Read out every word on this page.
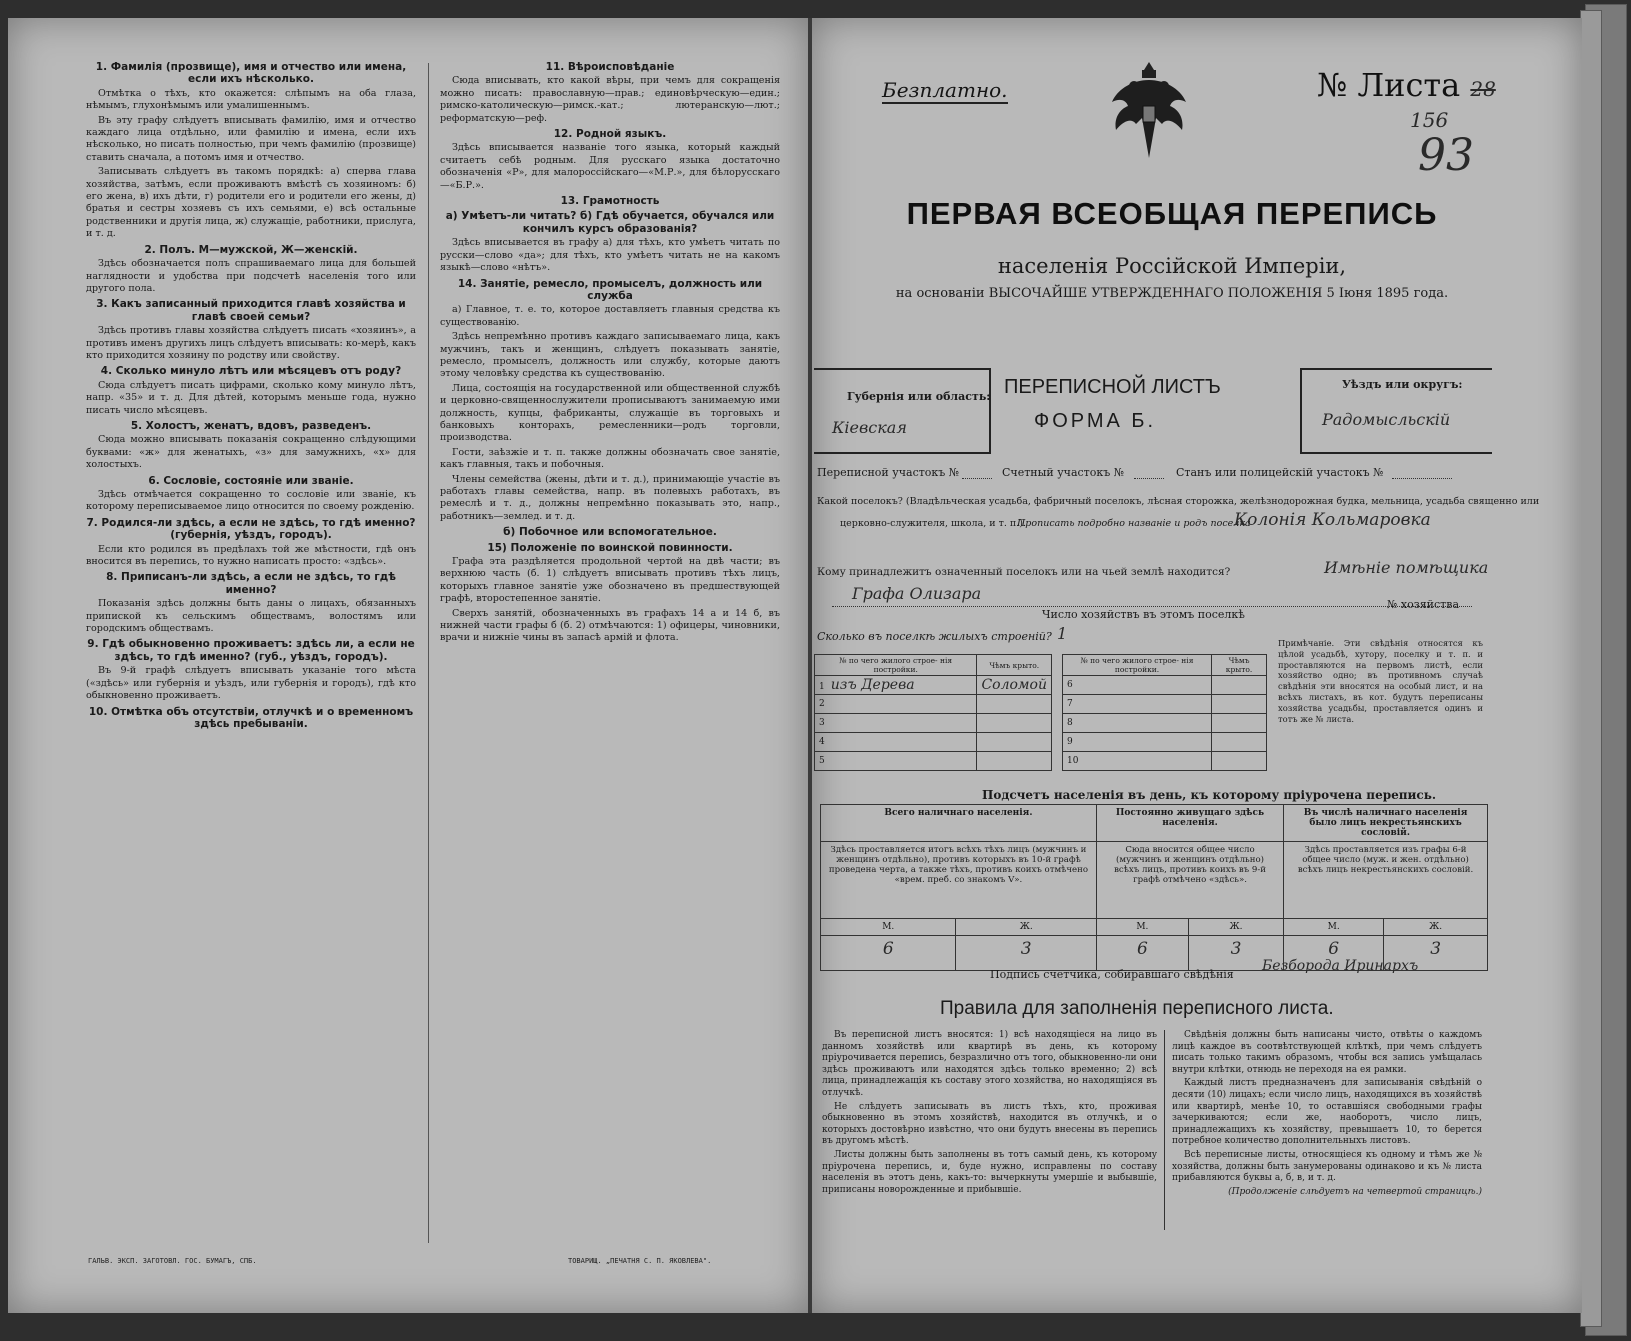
1. Фамилія (прозвище), имя и отчество или имена, если ихъ нѣсколько.

Отмѣтка о тѣхъ, кто окажется: слѣпымъ на оба глаза, нѣмымъ, глухонѣмымъ или умалишеннымъ.

Въ эту графу слѣдуетъ вписывать фамилію, имя и отчество каждаго лица отдѣльно, или фамилію и имена, если ихъ нѣсколько, но писать полностью, при чемъ фамилію (прозвище) ставить сначала, а потомъ имя и отчество.

Записывать слѣдуетъ въ такомъ порядкѣ: а) сперва глава хозяйства, затѣмъ, если проживаютъ вмѣстѣ съ хозяиномъ: б) его жена, в) ихъ дѣти, г) родители его и родители его жены, д) братья и сестры хозяевъ съ ихъ семьями, е) всѣ остальные родственники и другія лица, ж) служащіе, работники, прислуга, и т. д.

2. Полъ. М—мужской, Ж—женскій.

Здѣсь обозначается полъ спрашиваемаго лица для большей наглядности и удобства при подсчетѣ населенія того или другого пола.

3. Какъ записанный приходится главѣ хозяйства и главѣ своей семьи?

Здѣсь противъ главы хозяйства слѣдуетъ писать «хозяинъ», а противъ именъ другихъ лицъ слѣдуетъ вписывать: ко-мерѣ, какъ кто приходится хозяину по родству или свойству.

4. Сколько минуло лѣтъ или мѣсяцевъ отъ роду?

Сюда слѣдуетъ писать цифрами, сколько кому минуло лѣтъ, напр. «35» и т. д. Для дѣтей, которымъ меньше года, нужно писать число мѣсяцевъ.

5. Холостъ, женатъ, вдовъ, разведенъ.

Сюда можно вписывать показанія сокращенно слѣдующими буквами: «ж» для женатыхъ, «з» для замужнихъ, «х» для холостыхъ.

6. Сословіе, состояніе или званіе.

Здѣсь отмѣчается сокращенно то сословіе или званіе, къ которому переписываемое лицо относится по своему рожденію.

7. Родился-ли здѣсь, а если не здѣсь, то гдѣ именно? (губернія, уѣздъ, городъ).

Если кто родился въ предѣлахъ той же мѣстности, гдѣ онъ вносится въ перепись, то нужно написать просто: «здѣсь».

8. Приписанъ-ли здѣсь, а если не здѣсь, то гдѣ именно?

Показанія здѣсь должны быть даны о лицахъ, обязанныхъ припиской къ сельскимъ обществамъ, волостямъ или городскимъ обществамъ.

9. Гдѣ обыкновенно проживаетъ: здѣсь ли, а если не здѣсь, то гдѣ именно? (губ., уѣздъ, городъ).

Въ 9-й графѣ слѣдуетъ вписывать указаніе того мѣста («здѣсь» или губернія и уѣздъ, или губернія и городъ), гдѣ кто обыкновенно проживаетъ.

10. Отмѣтка объ отсутствіи, отлучкѣ и о временномъ здѣсь пребываніи.
11. Вѣроисповѣданіе

Сюда вписывать, кто какой вѣры, при чемъ для сокращенія можно писать: православную—прав.; единовѣрческую—един.; римско-католическую—римск.-кат.; лютеранскую—лют.; реформатскую—реф.

12. Родной языкъ.

Здѣсь вписывается названіе того языка, который каждый считаетъ себѣ родным. Для русскаго языка достаточно обозначенія «Р», для малороссійскаго—«М.Р.», для бѣлорусскаго—«Б.Р.».

13. Грамотность
а) Умѣетъ-ли читать? б) Гдѣ обучается, обучался или кончилъ курсъ образованія?

Здѣсь вписывается въ графу а) для тѣхъ, кто умѣетъ читать по русски—слово «да»; для тѣхъ, кто умѣетъ читать не на какомъ языкѣ—слово «нѣтъ».

14. Занятіе, ремесло, промыселъ, должность или служба

а) Главное, т. е. то, которое доставляетъ главныя средства къ существованію.

Здѣсь непремѣнно противъ каждаго записываемаго лица, какъ мужчинъ, такъ и женщинъ, слѣдуетъ показывать занятіе, ремесло, промыселъ, должность или службу, которые даютъ этому человѣку средства къ существованію.

Лица, состоящія на государственной или общественной службѣ и церковно-священнослужители прописываютъ занимаемую ими должность, купцы, фабриканты, служащіе въ торговыхъ и банковыхъ конторахъ, ремесленники—родъ торговли, производства.

Гости, заѣзжіе и т. п. также должны обозначать свое занятіе, какъ главныя, такъ и побочныя.

Члены семейства (жены, дѣти и т. д.), принимающіе участіе въ работахъ главы семейства, напр. въ полевыхъ работахъ, въ ремеслѣ и т. д., должны непремѣнно показывать это, напр., работникъ—землед. и т. д.

б) Побочное или вспомогательное.
15) Положеніе по воинской повинности.

Графа эта раздѣляется продольной чертой на двѣ части; въ верхнюю часть (б. 1) слѣдуетъ вписывать противъ тѣхъ лицъ, которыхъ главное занятіе уже обозначено въ предшествующей графѣ, второстепенное занятіе.

Сверхъ занятій, обозначенныхъ въ графахъ 14 а и 14 б, въ нижней части графы б (б. 2) отмѣчаются: 1) офицеры, чиновники, врачи и нижніе чины въ запасѣ армій и флота.

ГАЛЬВ. ЭКСП. ЗАГОТОВЛ. ГОС. БУМАГЪ, СПБ.	ТОВАРИЩ. „ПЕЧАТНЯ С. П. ЯКОВЛЕВА".
Безплатно.	№ Листа 28
156
93
ПЕРВАЯ ВСЕОБЩАЯ ПЕРЕПИСЬ
населенія Россійской Имперіи,
на основаніи ВЫСОЧАЙШЕ УТВЕРЖДЕННАГО ПОЛОЖЕНІЯ 5 Іюня 1895 года.
Губернія или область:
Кіевская
ПЕРЕПИСНОЙ ЛИСТЪ
ФОРМА Б.
Уѣздъ или округъ:
Радомысльскій
Переписной участокъ №	Счетный участокъ №	Станъ или полицейскій участокъ №
Какой поселокъ? (Владѣльческая усадьба, фабричный поселокъ, лѣсная сторожка, желѣзнодорожная будка, мельница, усадьба священно или
церковно-служителя, школа, и т. п.).
Прописать подробно названіе и родъ поселка
Колонія Кольмаровка
Кому принадлежитъ означенный поселокъ или на чьей землѣ находится?	Имѣніе помѣщика
Графа Олизара
Число хозяйствъ въ этомъ поселкѣ
№ хозяйства
Сколько въ поселкѣ жилыхъ строеній? 1
№ по чего жилого строе- нія постройки.	Чѣмъ крыто.
1 изъ Дерева	Соломой
2	
3	
4	
5	
№ по чего жилого строе- нія постройки.	Чѣмъ крыто.
6	
7	
8	
9	
10	
Примѣчаніе. Эти свѣдѣнія относятся къ цѣлой усадьбѣ, хутору, поселку и т. п. и проставляются на первомъ листѣ, если хозяйство одно; въ противномъ случаѣ свѣдѣнія эти вносятся на особый лист, и на всѣхъ листахъ, въ кот. будутъ переписаны хозяйства усадьбы, проставляется одинъ и тотъ же № листа.
Подсчетъ населенія въ день, къ которому пріурочена перепись.
Всего наличнаго населенія.		Постоянно живущаго здѣсь населенія.		Въ числѣ наличнаго населенія было лицъ некрестьянскихъ сословій.	
Здѣсь проставляется итогъ всѣхъ тѣхъ лицъ (мужчинъ и женщинъ отдѣльно), противъ которыхъ въ 10-й графѣ проведена черта, а также тѣхъ, противъ коихъ отмѣчено «врем. преб. со знакомъ V».		Сюда вносится общее число (мужчинъ и женщинъ отдѣльно) всѣхъ лицъ, противъ коихъ въ 9-й графѣ отмѣчено «здѣсь».		Здѣсь проставляется изъ графы 6-й общее число (муж. и жен. отдѣльно) всѣхъ лицъ некрестьянскихъ сословій.	
М.	Ж.	М.	Ж.	М.	Ж.
6	3	6	3	6	3
Подпись счетчика, собиравшаго свѣдѣнія
Безборода Иринархъ
Правила для заполненія переписного листа.

Въ переписной листъ вносятся: 1) всѣ находящіеся на лицо въ данномъ хозяйствѣ или квартирѣ въ день, къ которому пріурочивается перепись, безразлично отъ того, обыкновенно-ли они здѣсь проживаютъ или находятся здѣсь только временно; 2) всѣ лица, принадлежащія къ составу этого хозяйства, но находящіяся въ отлучкѣ.

Не слѣдуетъ записывать въ листъ тѣхъ, кто, проживая обыкновенно въ этомъ хозяйствѣ, находится въ отлучкѣ, и о которыхъ достовѣрно извѣстно, что они будутъ внесены въ перепись въ другомъ мѣстѣ.

Листы должны быть заполнены въ тотъ самый день, къ которому пріурочена перепись, и, буде нужно, исправлены по составу населенія въ этотъ день, какъ-то: вычеркнуты умершіе и выбывшіе, приписаны новорожденные и прибывшіе.

Свѣдѣнія должны быть написаны чисто, отвѣты о каждомъ лицѣ каждое въ соотвѣтствующей клѣткѣ, при чемъ слѣдуетъ писать только такимъ образомъ, чтобы вся запись умѣщалась внутри клѣтки, отнюдь не переходя на ея рамки.

Каждый листъ предназначенъ для записыванія свѣдѣній о десяти (10) лицахъ; если число лицъ, находящихся въ хозяйствѣ или квартирѣ, менѣе 10, то оставшіяся свободными графы зачеркиваются; если же, наоборотъ, число лицъ, принадлежащихъ къ хозяйству, превышаетъ 10, то берется потребное количество дополнительныхъ листовъ.

Всѣ переписные листы, относящіеся къ одному и тѣмъ же № хозяйства, должны быть занумерованы одинаково и къ № листа прибавляются буквы а, б, в, и т. д.

(Продолженіе слѣдуетъ на четвертой страницѣ.)
